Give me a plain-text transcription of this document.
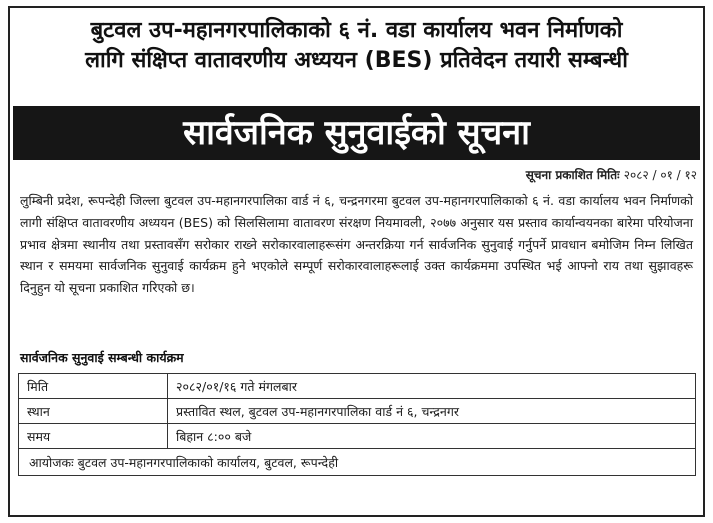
बुटवल उप-महानगरपालिकाको ६ नं. वडा कार्यालय भवन निर्माणको
लागि संक्षिप्त वातावरणीय अध्ययन (BES) प्रतिवेदन तयारी सम्बन्धी
सार्वजनिक सुनुवाईको सूचना
सूचना प्रकाशित मितिः २०८२ / ०१ / १२
लुम्बिनी प्रदेश, रूपन्देही जिल्ला बुटवल उप-महानगरपालिका वार्ड नं ६, चन्द्रनगरमा बुटवल उप-महानगरपालिकाको ६ नं. वडा कार्यालय भवन निर्माणको लागी संक्षिप्त वातावरणीय अध्ययन (BES) को सिलसिलामा वातावरण संरक्षण नियमावली, २०७७ अनुसार यस प्रस्ताव कार्यान्वयनका बारेमा परियोजना प्रभाव क्षेत्रमा स्थानीय तथा प्रस्तावसँग सरोकार राख्ने सरोकारवालाहरूसंग अन्तरक्रिया गर्न सार्वजनिक सुनुवाई गर्नुपर्ने प्रावधान बमोजिम निम्न लिखित स्थान र समयमा सार्वजनिक सुनुवाई कार्यक्रम हुने भएकोले सम्पूर्ण सरोकारवालाहरूलाई उक्त कार्यक्रममा उपस्थित भई आफ्नो राय तथा सुझावहरू दिनुहुन यो सूचना प्रकाशित गरिएको छ।
सार्वजनिक सुनुवाई सम्बन्धी कार्यक्रम
मिति	२०८२/०१/१६ गते मंगलबार
स्थान	प्रस्तावित स्थल, बुटवल उप-महानगरपालिका वार्ड नं ६, चन्द्रनगर
समय	बिहान ८:०० बजे
आयोजकः बुटवल उप-महानगरपालिकाको कार्यालय, बुटवल, रूपन्देही	
